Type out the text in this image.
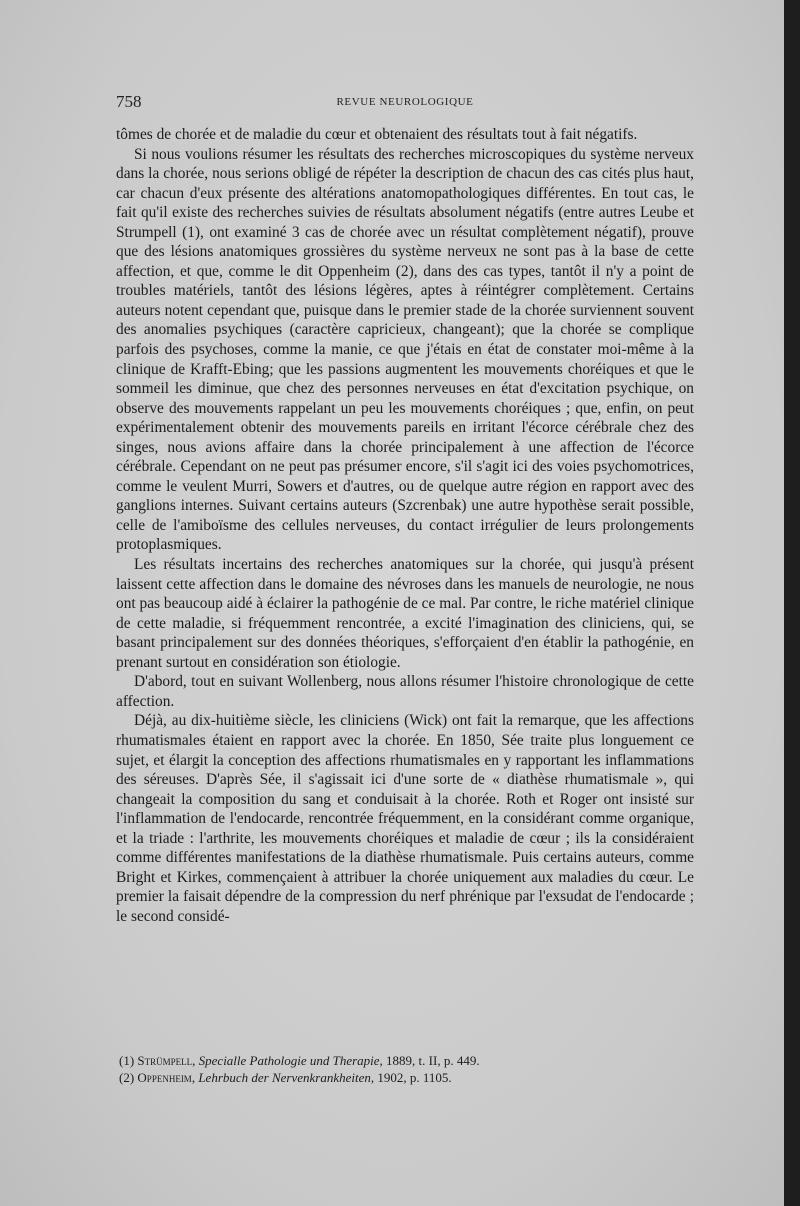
758	REVUE NEUROLOGIQUE

tômes de chorée et de maladie du cœur et obtenaient des résultats tout à fait négatifs.

Si nous voulions résumer les résultats des recherches microscopiques du système nerveux dans la chorée, nous serions obligé de répéter la description de chacun des cas cités plus haut, car chacun d'eux présente des altérations anatomopathologiques différentes. En tout cas, le fait qu'il existe des recherches suivies de résultats absolument négatifs (entre autres Leube et Strumpell (1), ont examiné 3 cas de chorée avec un résultat complètement négatif), prouve que des lésions anatomiques grossières du système nerveux ne sont pas à la base de cette affection, et que, comme le dit Oppenheim (2), dans des cas types, tantôt il n'y a point de troubles matériels, tantôt des lésions légères, aptes à réintégrer complètement. Certains auteurs notent cependant que, puisque dans le premier stade de la chorée surviennent souvent des anomalies psychiques (caractère capricieux, changeant); que la chorée se complique parfois des psychoses, comme la manie, ce que j'étais en état de constater moi-même à la clinique de Krafft-Ebing; que les passions augmentent les mouvements choréiques et que le sommeil les diminue, que chez des personnes nerveuses en état d'excitation psychique, on observe des mouvements rappelant un peu les mouvements choréiques ; que, enfin, on peut expérimentalement obtenir des mouvements pareils en irritant l'écorce cérébrale chez des singes, nous avions affaire dans la chorée principalement à une affection de l'écorce cérébrale. Cependant on ne peut pas présumer encore, s'il s'agit ici des voies psychomotrices, comme le veulent Murri, Sowers et d'autres, ou de quelque autre région en rapport avec des ganglions internes. Suivant certains auteurs (Szcrenbak) une autre hypothèse serait possible, celle de l'amiboïsme des cellules nerveuses, du contact irrégulier de leurs prolongements protoplasmiques.

Les résultats incertains des recherches anatomiques sur la chorée, qui jusqu'à présent laissent cette affection dans le domaine des névroses dans les manuels de neurologie, ne nous ont pas beaucoup aidé à éclairer la pathogénie de ce mal. Par contre, le riche matériel clinique de cette maladie, si fréquemment rencontrée, a excité l'imagination des cliniciens, qui, se basant principalement sur des données théoriques, s'efforçaient d'en établir la pathogénie, en prenant surtout en considération son étiologie.

D'abord, tout en suivant Wollenberg, nous allons résumer l'histoire chronologique de cette affection.

Déjà, au dix-huitième siècle, les cliniciens (Wick) ont fait la remarque, que les affections rhumatismales étaient en rapport avec la chorée. En 1850, Sée traite plus longuement ce sujet, et élargit la conception des affections rhumatismales en y rapportant les inflammations des séreuses. D'après Sée, il s'agissait ici d'une sorte de « diathèse rhumatismale », qui changeait la composition du sang et conduisait à la chorée. Roth et Roger ont insisté sur l'inflammation de l'endocarde, rencontrée fréquemment, en la considérant comme organique, et la triade : l'arthrite, les mouvements choréiques et maladie de cœur ; ils la considéraient comme différentes manifestations de la diathèse rhumatismale. Puis certains auteurs, comme Bright et Kirkes, commençaient à attribuer la chorée uniquement aux maladies du cœur. Le premier la faisait dépendre de la compression du nerf phrénique par l'exsudat de l'endocarde ; le second considé-

(1) Strümpell, Specialle Pathologie und Therapie, 1889, t. II, p. 449.

(2) Oppenheim, Lehrbuch der Nervenkrankheiten, 1902, p. 1105.
